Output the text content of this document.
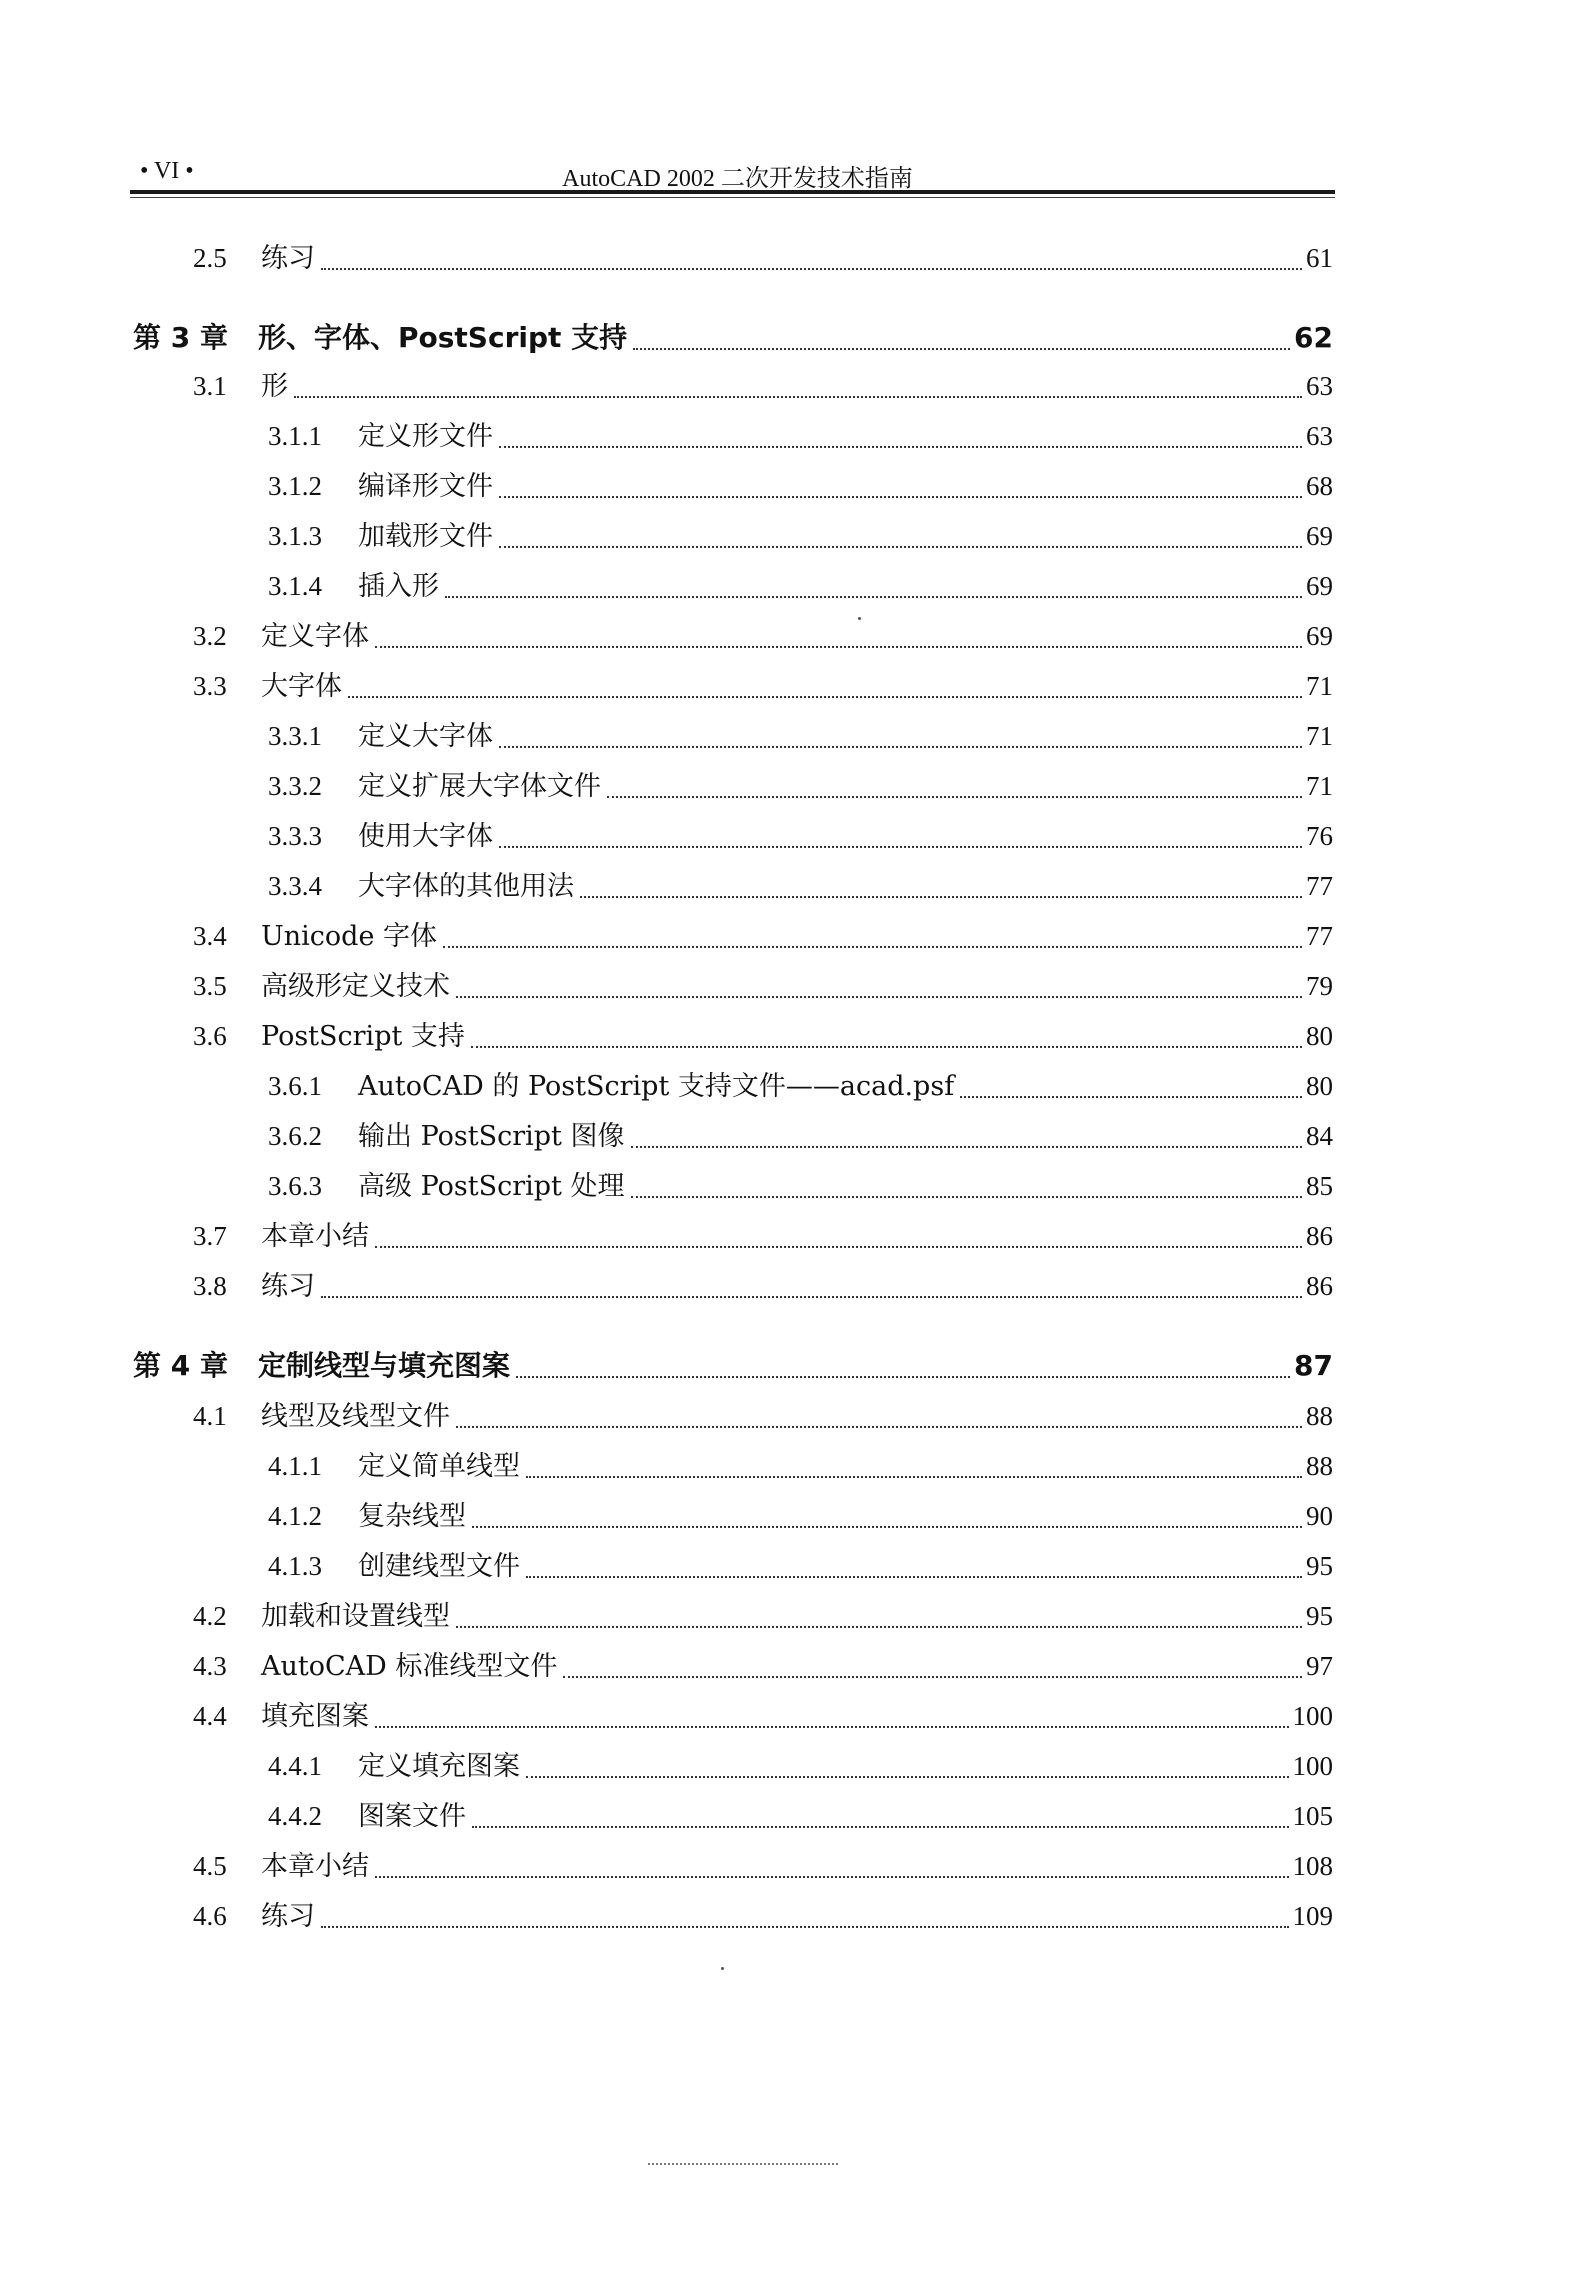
• VI •	AutoCAD 2002 二次开发技术指南
2.5	练习	61
第 3 章	形、字体、PostScript 支持	62
3.1	形	63
3.1.1	定义形文件	63
3.1.2	编译形文件	68
3.1.3	加载形文件	69
3.1.4	插入形	69
3.2	定义字体	69
3.3	大字体	71
3.3.1	定义大字体	71
3.3.2	定义扩展大字体文件	71
3.3.3	使用大字体	76
3.3.4	大字体的其他用法	77
3.4	Unicode 字体	77
3.5	高级形定义技术	79
3.6	PostScript 支持	80
3.6.1	AutoCAD 的 PostScript 支持文件——acad.psf	80
3.6.2	输出 PostScript 图像	84
3.6.3	高级 PostScript 处理	85
3.7	本章小结	86
3.8	练习	86
第 4 章	定制线型与填充图案	87
4.1	线型及线型文件	88
4.1.1	定义简单线型	88
4.1.2	复杂线型	90
4.1.3	创建线型文件	95
4.2	加载和设置线型	95
4.3	AutoCAD 标准线型文件	97
4.4	填充图案	100
4.4.1	定义填充图案	100
4.4.2	图案文件	105
4.5	本章小结	108
4.6	练习	109
